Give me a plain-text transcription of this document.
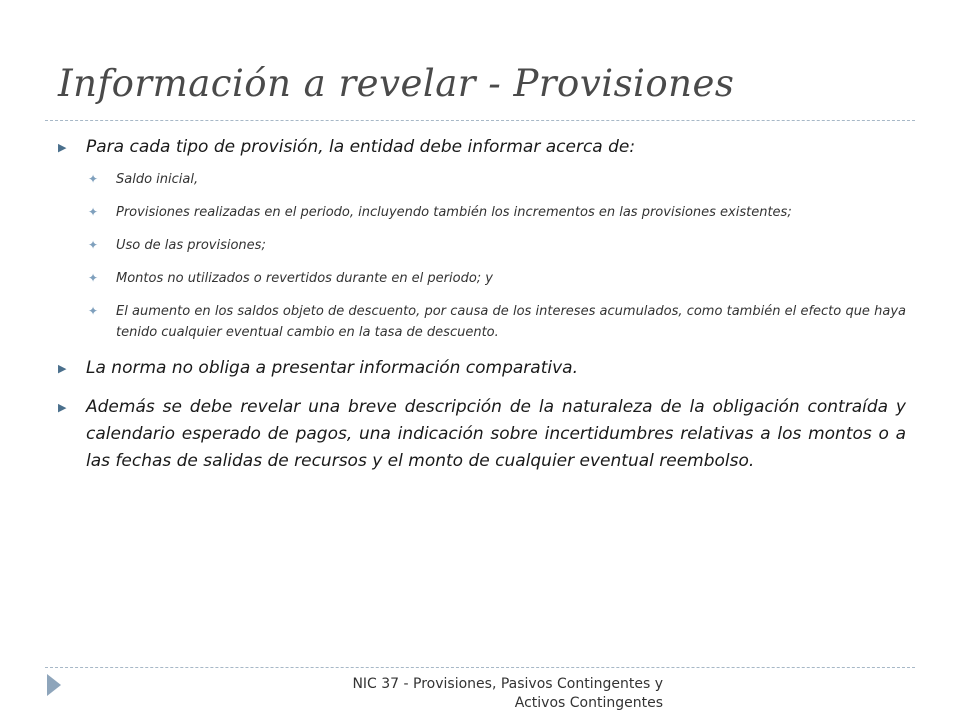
Información a revelar - Provisiones
▶ Para cada tipo de provisión, la entidad debe informar acerca de:
✦ Saldo inicial,
✦ Provisiones realizadas en el periodo, incluyendo también los incrementos en las provisiones existentes;
✦ Uso de las provisiones;
✦ Montos no utilizados o revertidos durante en el periodo; y
✦ El aumento en los saldos objeto de descuento, por causa de los intereses acumulados, como también el efecto que haya tenido cualquier eventual cambio en la tasa de descuento.
▶ La norma no obliga a presentar información comparativa.
▶ Además se debe revelar una breve descripción de la naturaleza de la obligación contraída y calendario esperado de pagos, una indicación sobre incertidumbres relativas a los montos o a las fechas de salidas de recursos y el monto de cualquier eventual reembolso.
NIC 37 - Provisiones, Pasivos Contingentes y
Activos Contingentes
